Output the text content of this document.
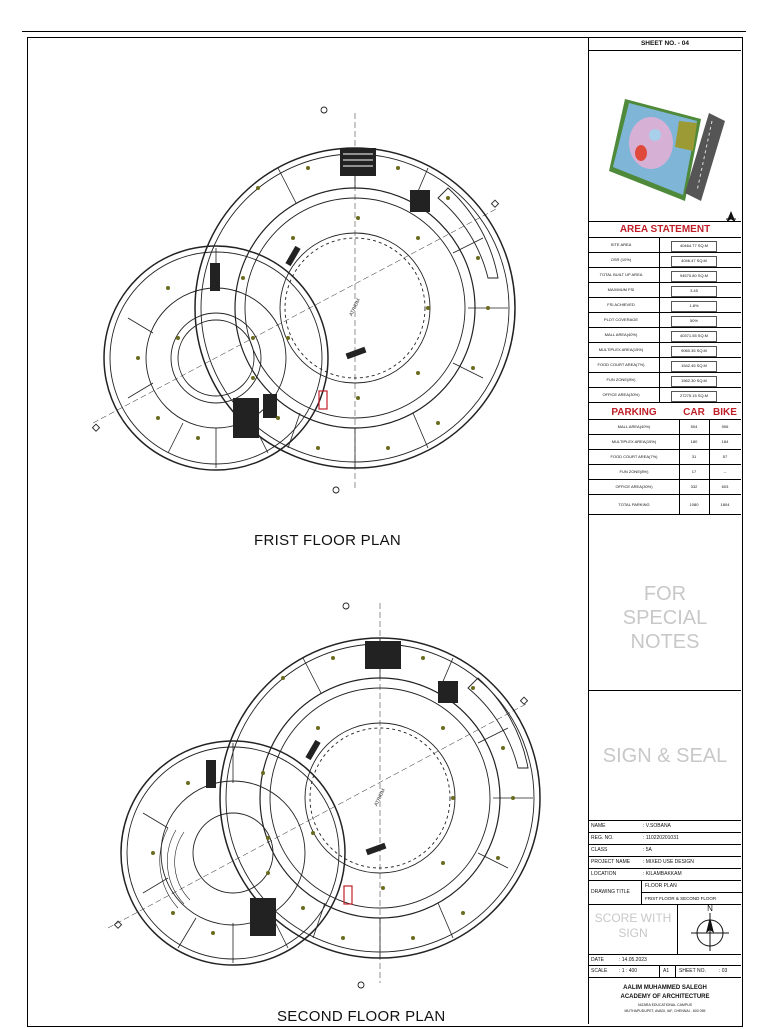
ATRIUM
ATRIUM
FRIST FLOOR PLAN
SECOND FLOOR PLAN
SHEET NO. - 04
AREA STATEMENT
SITE AREA	40464.77 SQ.M
OSR (10%)	4046.47 SQ.M
TOTAL BUILT UP AREA	94570.80 SQ.M
MAXIMUM FSI	3.45
FSI ACHIEVED	1.8%
PLOT COVERAGE	50%
MALL AREA(40%)	40371.55 SQ.M
MULTIPLEX AREA(15%)	9060.35 SQ.M
FOOD COURT AREA(7%)	1542.45 SQ.M
FUN ZONE(8%)	1562.30 SQ.M
OFFICE AREA(30%)	27275.15 SQ.M
PARKING	CAR BIKE
MALL AREA(40%)	504	906
MULTIPLEX AREA(15%)	180	184
FOOD COURT AREA(7%)	31	57
FUN ZONE(8%)	17	--
OFFICE AREA(30%)	332	603
TOTAL PARKING	1080	1804
FOR SPECIAL NOTES
SIGN & SEAL
NAME	: V.SOBANA
REG. NO.	: 110220201031
CLASS	: 5A
PROJECT NAME	: MIXED USE DESIGN
LOCATION	: KILAMBAKKAM
DRAWING TITLE
FLOOR PLAN
FRIST FLOOR & SECOND FLOOR
SCORE WITH SIGN
N
DATE	: 14.05.2023
SCALE	: 1 : 400	A1 SHEET NO.	: 03
AALIM MUHAMMED SALEGH
ACADEMY OF ARCHITECTURE
NIZARA EDUCATIONAL CAMPUS
MUTHAPUDUPET, AVADI, IAF, CHENNAI - 600 055
